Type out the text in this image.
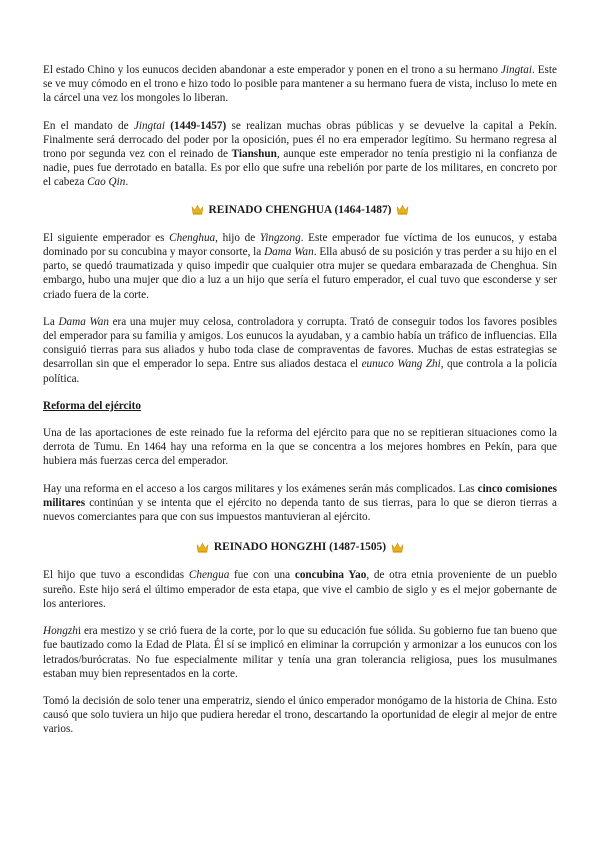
El estado Chino y los eunucos deciden abandonar a este emperador y ponen en el trono a su hermano Jingtai. Este se ve muy cómodo en el trono e hizo todo lo posible para mantener a su hermano fuera de vista, incluso lo mete en la cárcel una vez los mongoles lo liberan.

En el mandato de Jingtai (1449-1457) se realizan muchas obras públicas y se devuelve la capital a Pekín. Finalmente será derrocado del poder por la oposición, pues él no era emperador legítimo. Su hermano regresa al trono por segunda vez con el reinado de Tianshun, aunque este emperador no tenía prestigio ni la confianza de nadie, pues fue derrotado en batalla. Es por ello que sufre una rebelión por parte de los militares, en concreto por el cabeza Cao Qin.

REINADO CHENGHUA (1464-1487)

El siguiente emperador es Chenghua, hijo de Yingzong. Este emperador fue víctima de los eunucos, y estaba dominado por su concubina y mayor consorte, la Dama Wan. Ella abusó de su posición y tras perder a su hijo en el parto, se quedó traumatizada y quiso impedir que cualquier otra mujer se quedara embarazada de Chenghua. Sin embargo, hubo una mujer que dio a luz a un hijo que sería el futuro emperador, el cual tuvo que esconderse y ser criado fuera de la corte.

La Dama Wan era una mujer muy celosa, controladora y corrupta. Trató de conseguir todos los favores posibles del emperador para su familia y amigos. Los eunucos la ayudaban, y a cambio había un tráfico de influencias. Ella consiguió tierras para sus aliados y hubo toda clase de compraventas de favores. Muchas de estas estrategias se desarrollan sin que el emperador lo sepa. Entre sus aliados destaca el eunuco Wang Zhi, que controla a la policía política.

Reforma del ejército

Una de las aportaciones de este reinado fue la reforma del ejército para que no se repitieran situaciones como la derrota de Tumu. En 1464 hay una reforma en la que se concentra a los mejores hombres en Pekín, para que hubiera más fuerzas cerca del emperador.

Hay una reforma en el acceso a los cargos militares y los exámenes serán más complicados. Las cinco comisiones militares continúan y se intenta que el ejército no dependa tanto de sus tierras, para lo que se dieron tierras a nuevos comerciantes para que con sus impuestos mantuvieran al ejército.

REINADO HONGZHI (1487-1505)

El hijo que tuvo a escondidas Chengua fue con una concubina Yao, de otra etnia proveniente de un pueblo sureño. Este hijo será el último emperador de esta etapa, que vive el cambio de siglo y es el mejor gobernante de los anteriores.

Hongzhi era mestizo y se crió fuera de la corte, por lo que su educación fue sólida. Su gobierno fue tan bueno que fue bautizado como la Edad de Plata. Él sí se implicó en eliminar la corrupción y armonizar a los eunucos con los letrados/burócratas. No fue especialmente militar y tenía una gran tolerancia religiosa, pues los musulmanes estaban muy bien representados en la corte.

Tomó la decisión de solo tener una emperatriz, siendo el único emperador monógamo de la historia de China. Esto causó que solo tuviera un hijo que pudiera heredar el trono, descartando la oportunidad de elegir al mejor de entre varios.
